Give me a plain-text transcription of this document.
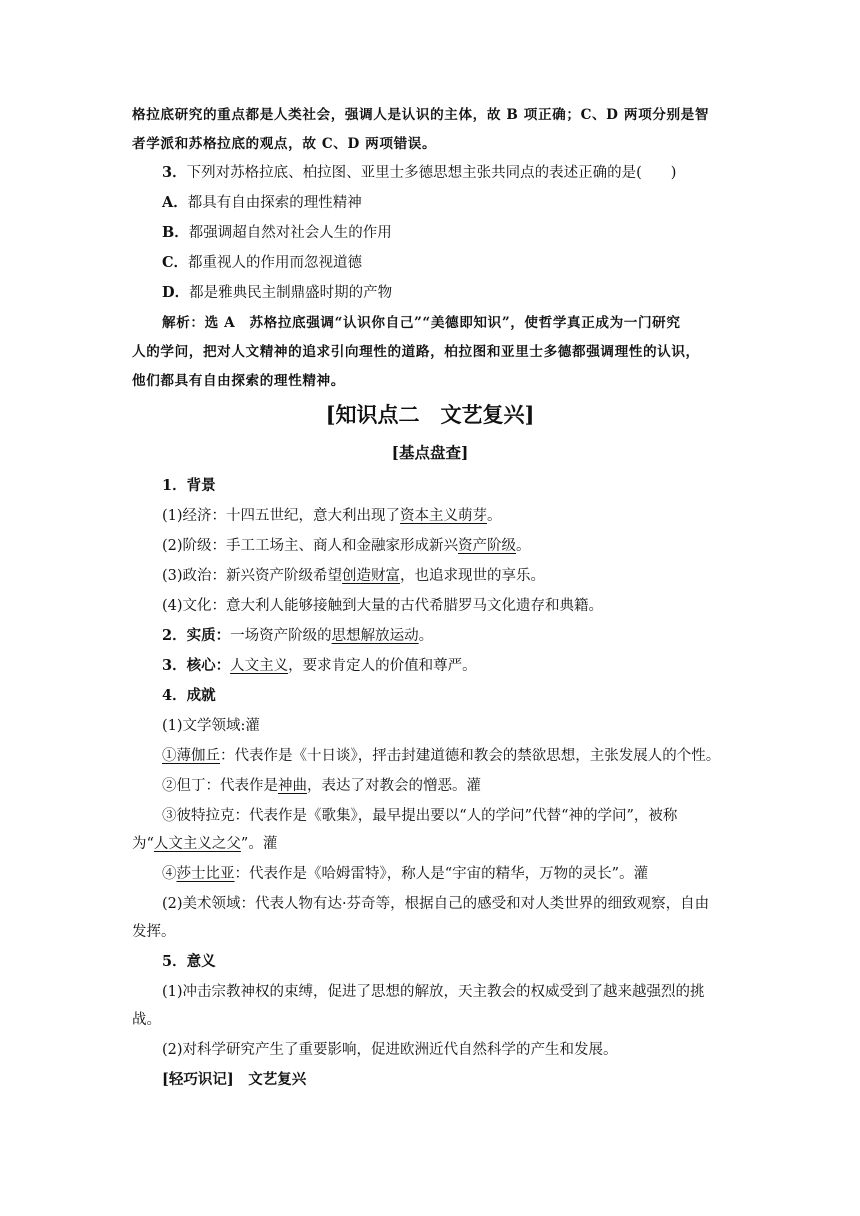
格拉底研究的重点都是人类社会，强调人是认识的主体，故 B 项正确；C、D 两项分别是智
者学派和苏格拉底的观点，故 C、D 两项错误。
3．下列对苏格拉底、柏拉图、亚里士多德思想主张共同点的表述正确的是(　　)
A．都具有自由探索的理性精神
B．都强调超自然对社会人生的作用
C．都重视人的作用而忽视道德
D．都是雅典民主制鼎盛时期的产物
解析：选 A　苏格拉底强调“认识你自己”“美德即知识”，使哲学真正成为一门研究
人的学问，把对人文精神的追求引向理性的道路，柏拉图和亚里士多德都强调理性的认识，
他们都具有自由探索的理性精神。
[知识点二　文艺复兴]
[基点盘查]
1．背景
(1)经济：十四五世纪，意大利出现了资本主义萌芽。
(2)阶级：手工工场主、商人和金融家形成新兴资产阶级。
(3)政治：新兴资产阶级希望创造财富，也追求现世的享乐。
(4)文化：意大利人能够接触到大量的古代希腊罗马文化遗存和典籍。
2．实质：一场资产阶级的思想解放运动。
3．核心：人文主义，要求肯定人的价值和尊严。
4．成就
(1)文学领域:灌
①薄伽丘：代表作是《十日谈》，抨击封建道德和教会的禁欲思想，主张发展人的个性。
②但丁：代表作是神曲，表达了对教会的憎恶。灌
③彼特拉克：代表作是《歌集》，最早提出要以“人的学问”代替“神的学问”，被称
为“人文主义之父”。灌
④莎士比亚：代表作是《哈姆雷特》，称人是“宇宙的精华，万物的灵长”。灌
(2)美术领域：代表人物有达·芬奇等，根据自己的感受和对人类世界的细致观察，自由
发挥。
5．意义
(1)冲击宗教神权的束缚，促进了思想的解放，天主教会的权威受到了越来越强烈的挑
战。
(2)对科学研究产生了重要影响，促进欧洲近代自然科学的产生和发展。
[轻巧识记]　文艺复兴
